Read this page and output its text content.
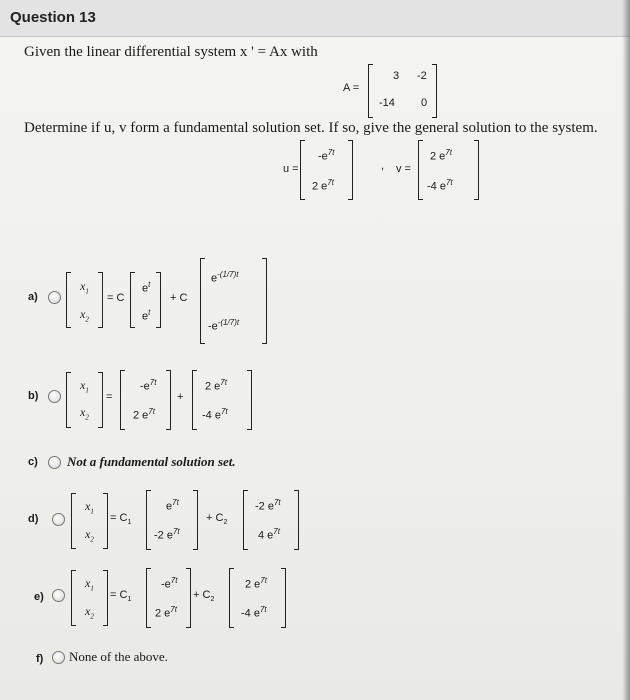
Question 13
Given the linear differential system x ' = Ax with
A =
3 -2
-14 0
Determine if u, v form a fundamental solution set. If so, give the general solution to the system.
u =
$-e^{7t}$
2 $e^{7t}$
, v =
2 $e^{7t}$
-4 $e^{7t}$
a)
$x_1$
$x_2$
= C
$e^t$
$e^t$
+ C
$e^{-(1/7)t}$
$-e^{-(1/7)t}$
b)
$x_1$
$x_2$
=
$-e^{7t}$
2 $e^{7t}$
+
2 $e^{7t}$
-4 $e^{7t}$
c) Not a fundamental solution set.
d)
$x_1$
$x_2$
= $C_1$
$e^{7t}$
-2 $e^{7t}$
+ $C_2$
-2 $e^{7t}$
4 $e^{7t}$
e)
$x_1$
$x_2$
= $C_1$
$-e^{7t}$
2 $e^{7t}$
+ $C_2$
2 $e^{7t}$
-4 $e^{7t}$
f) None of the above.
